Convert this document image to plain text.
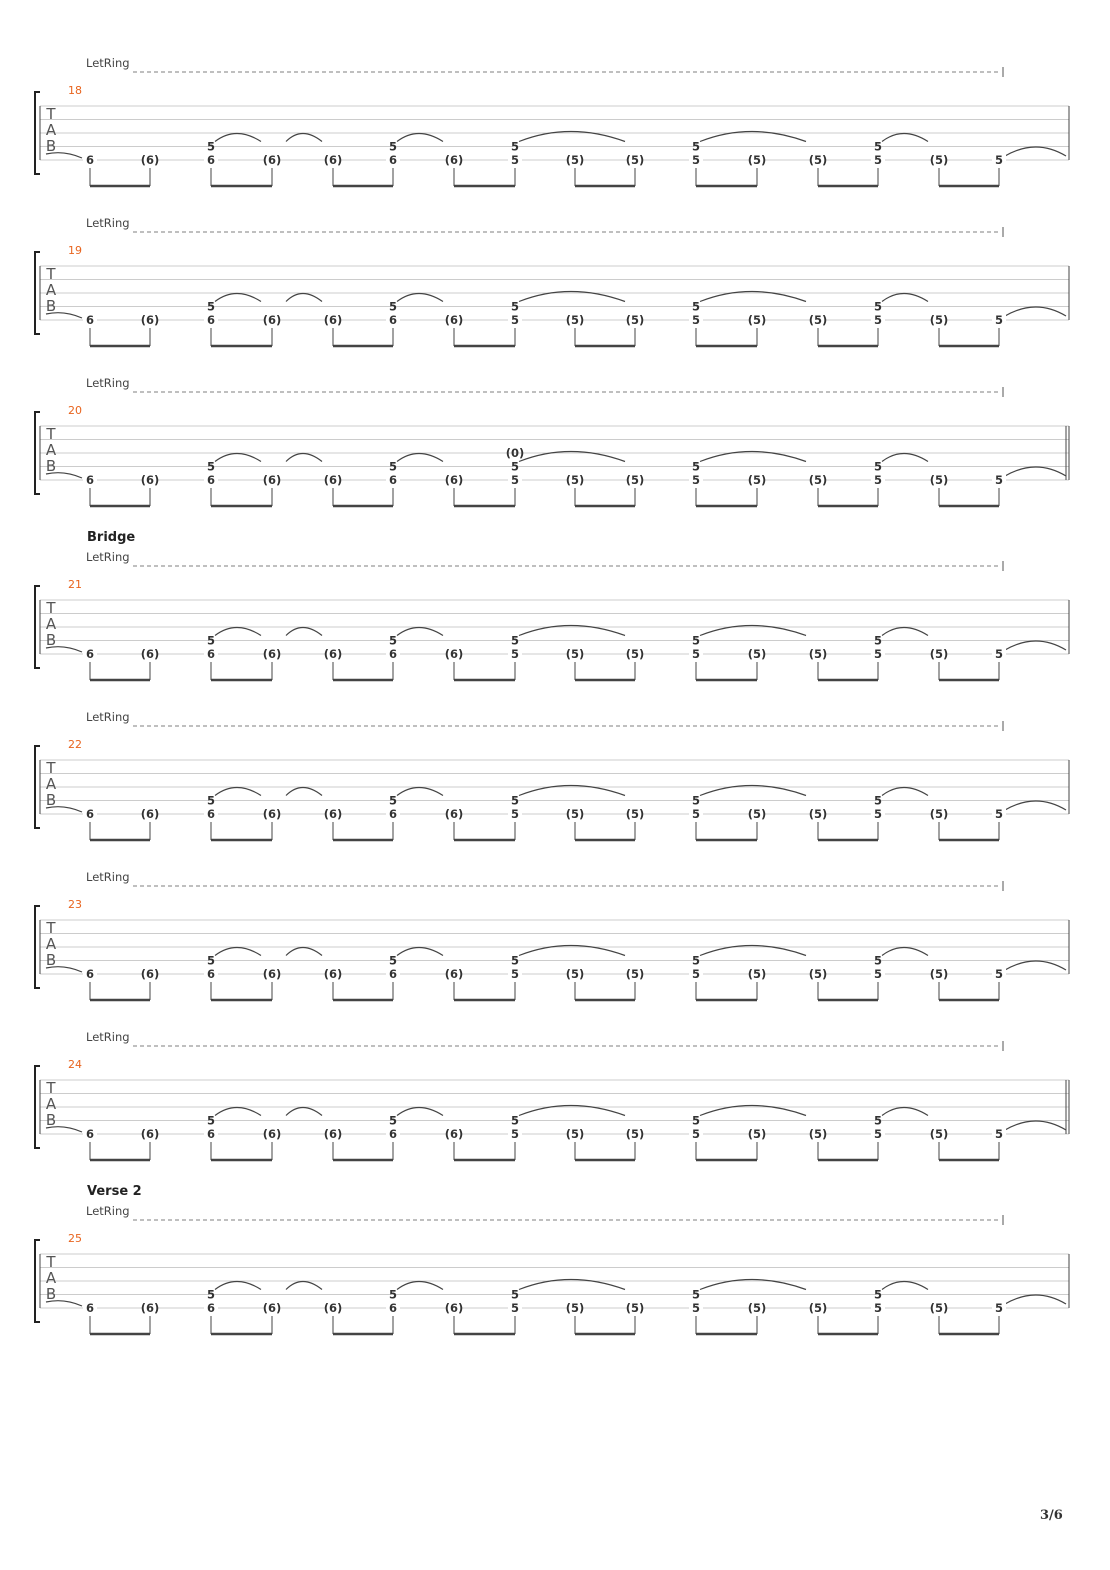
LetRing
18
T
A
B
6	(6)	6
5
(6)	(6)	6
5
(6)	5
5
(5)	(5)	5
5
(5)	(5)	5
5
(5)	5
LetRing
19
T
A
B
6	(6)	6
5
(6)	(6)	6
5
(6)	5
5
(5)	(5)	5
5
(5)	(5)	5
5
(5)	5
LetRing
20
T
A
B
6	(6)	6
5
(6)	(6)	6
5
(6)	5
5
(0)
(5)	(5)	5
5
(5)	(5)	5
5
(5)	5
Bridge
LetRing
21
T
A
B
6	(6)	6
5
(6)	(6)	6
5
(6)	5
5
(5)	(5)	5
5
(5)	(5)	5
5
(5)	5
LetRing
22
T
A
B
6	(6)	6
5
(6)	(6)	6
5
(6)	5
5
(5)	(5)	5
5
(5)	(5)	5
5
(5)	5
LetRing
23
T
A
B
6	(6)	6
5
(6)	(6)	6
5
(6)	5
5
(5)	(5)	5
5
(5)	(5)	5
5
(5)	5
LetRing
24
T
A
B
6	(6)	6
5
(6)	(6)	6
5
(6)	5
5
(5)	(5)	5
5
(5)	(5)	5
5
(5)	5
Verse 2
LetRing
25
T
A
B
6	(6)	6
5
(6)	(6)	6
5
(6)	5
5
(5)	(5)	5
5
(5)	(5)	5
5
(5)	5
3/6
